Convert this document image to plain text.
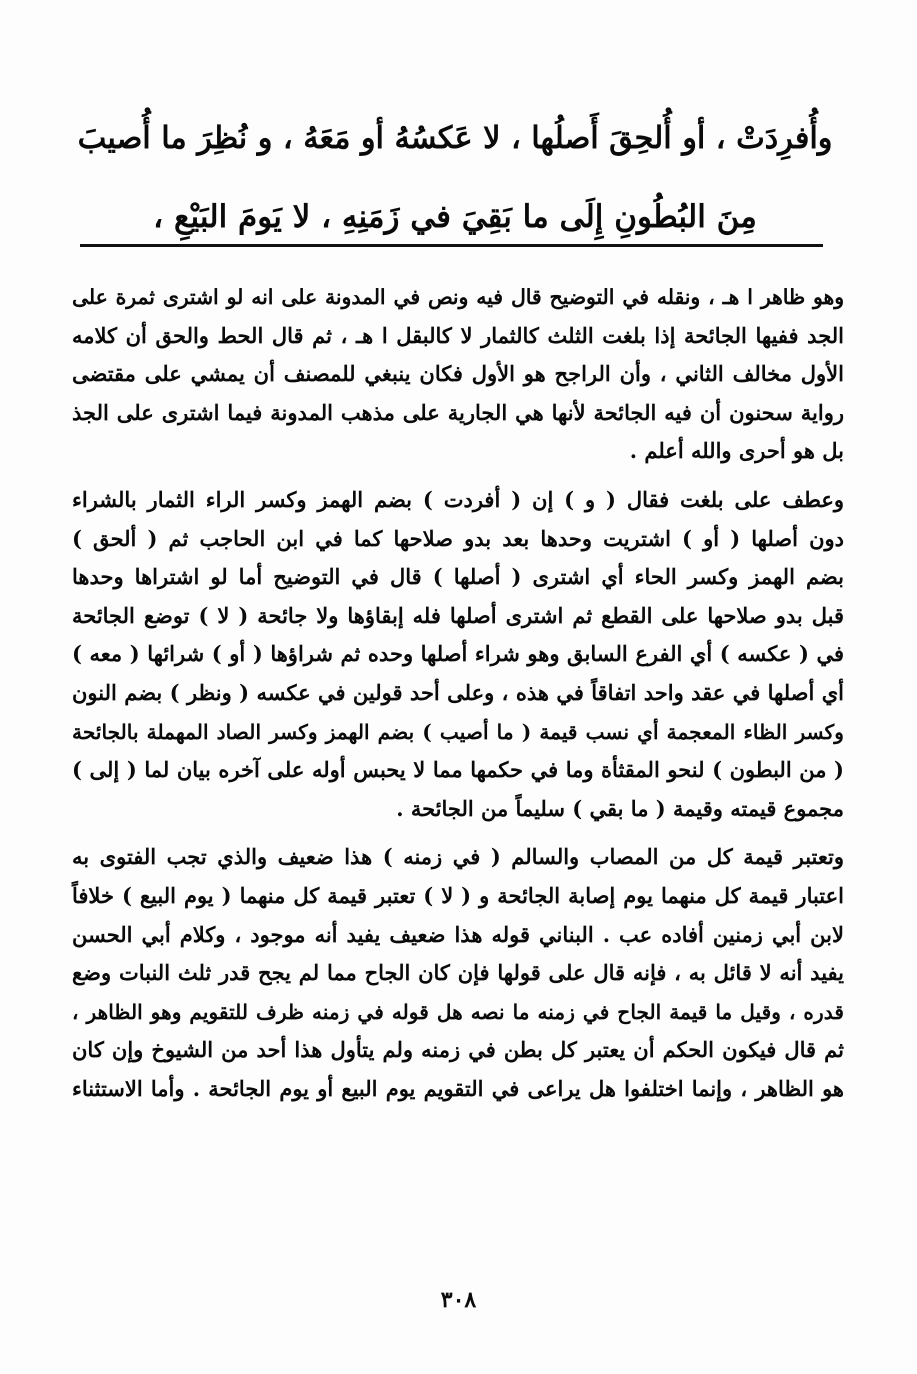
وأُفرِدَتْ ، أو أُلحِقَ أَصلُها ، لا عَكسُهُ أو مَعَهُ ، و نُظِرَ ما أُصيبَ
مِنَ البُطُونِ إِلَى ما بَقِيَ في زَمَنِهِ ، لا يَومَ البَيْعِ ،
وهو ظاهر ا هـ ، ونقله في التوضيح قال فيه ونص في المدونة على انه لو اشترى ثمرة على
الجد ففيها الجائحة إذا بلغت الثلث كالثمار لا كالبقل ا هـ ، ثم قال الحط والحق أن كلامه
الأول مخالف الثاني ، وأن الراجح هو الأول فكان ينبغي للمصنف أن يمشي على مقتضى
رواية سحنون أن فيه الجائحة لأنها هي الجارية على مذهب المدونة فيما اشترى على الجذ
بل هو أحرى والله أعلم .
وعطف على بلغت فقال ( و ) إن ( أفردت ) بضم الهمز وكسر الراء الثمار بالشراء
دون أصلها ( أو ) اشتريت وحدها بعد بدو صلاحها كما في ابن الحاجب ثم ( ألحق )
بضم الهمز وكسر الحاء أي اشترى ( أصلها ) قال في التوضيح أما لو اشتراها وحدها
قبل بدو صلاحها على القطع ثم اشترى أصلها فله إبقاؤها ولا جائحة ( لا ) توضع الجائحة
في ( عكسه ) أي الفرع السابق وهو شراء أصلها وحده ثم شراؤها ( أو ) شرائها ( معه )
أي أصلها في عقد واحد اتفاقاً في هذه ، وعلى أحد قولين في عكسه ( ونظر ) بضم النون
وكسر الظاء المعجمة أي نسب قيمة ( ما أصيب ) بضم الهمز وكسر الصاد المهملة بالجائحة
( من البطون ) لنحو المقثأة وما في حكمها مما لا يحبس أوله على آخره بيان لما ( إلى )
مجموع قيمته وقيمة ( ما بقي ) سليماً من الجائحة .
وتعتبر قيمة كل من المصاب والسالم ( في زمنه ) هذا ضعيف والذي تجب الفتوى به
اعتبار قيمة كل منهما يوم إصابة الجائحة و ( لا ) تعتبر قيمة كل منهما ( يوم البيع ) خلافاً
لابن أبي زمنين أفاده عب . البناني قوله هذا ضعيف يفيد أنه موجود ، وكلام أبي الحسن
يفيد أنه لا قائل به ، فإنه قال على قولها فإن كان الجاح مما لم يجح قدر ثلث النبات وضع
قدره ، وقيل ما قيمة الجاح في زمنه ما نصه هل قوله في زمنه ظرف للتقويم وهو الظاهر ،
ثم قال فيكون الحكم أن يعتبر كل بطن في زمنه ولم يتأول هذا أحد من الشيوخ وإن كان
هو الظاهر ، وإنما اختلفوا هل يراعى في التقويم يوم البيع أو يوم الجائحة . وأما الاستثناء
٣٠٨
